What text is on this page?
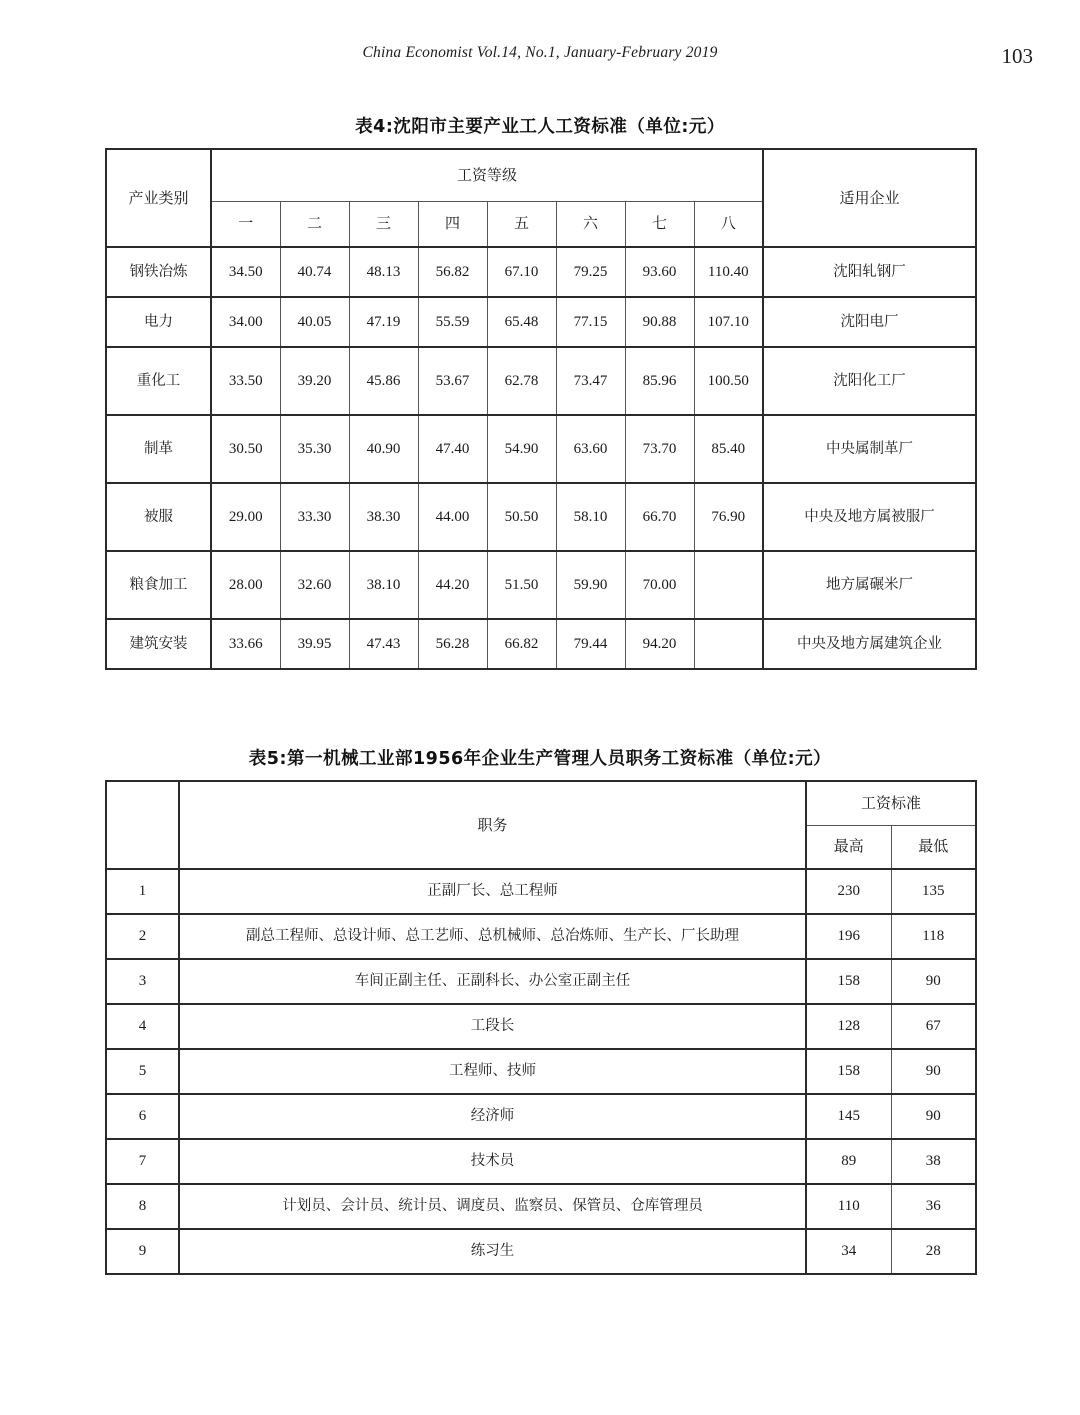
China Economist Vol.14, No.1, January-February 2019	103
表4:沈阳市主要产业工人工资标准（单位:元）
产业类别	工资等级								适用企业
	一	二	三	四	五	六	七	八	
钢铁冶炼	34.50	40.74	48.13	56.82	67.10	79.25	93.60	110.40	沈阳轧钢厂
电力	34.00	40.05	47.19	55.59	65.48	77.15	90.88	107.10	沈阳电厂
重化工	33.50	39.20	45.86	53.67	62.78	73.47	85.96	100.50	沈阳化工厂
制革	30.50	35.30	40.90	47.40	54.90	63.60	73.70	85.40	中央属制革厂
被服	29.00	33.30	38.30	44.00	50.50	58.10	66.70	76.90	中央及地方属被服厂
粮食加工	28.00	32.60	38.10	44.20	51.50	59.90	70.00		地方属碾米厂
建筑安装	33.66	39.95	47.43	56.28	66.82	79.44	94.20		中央及地方属建筑企业
表5:第一机械工业部1956年企业生产管理人员职务工资标准（单位:元）
	职务	工资标准	
		最高	最低
1	正副厂长、总工程师	230	135
2	副总工程师、总设计师、总工艺师、总机械师、总冶炼师、生产长、厂长助理	196	118
3	车间正副主任、正副科长、办公室正副主任	158	90
4	工段长	128	67
5	工程师、技师	158	90
6	经济师	145	90
7	技术员	89	38
8	计划员、会计员、统计员、调度员、监察员、保管员、仓库管理员	110	36
9	练习生	34	28
